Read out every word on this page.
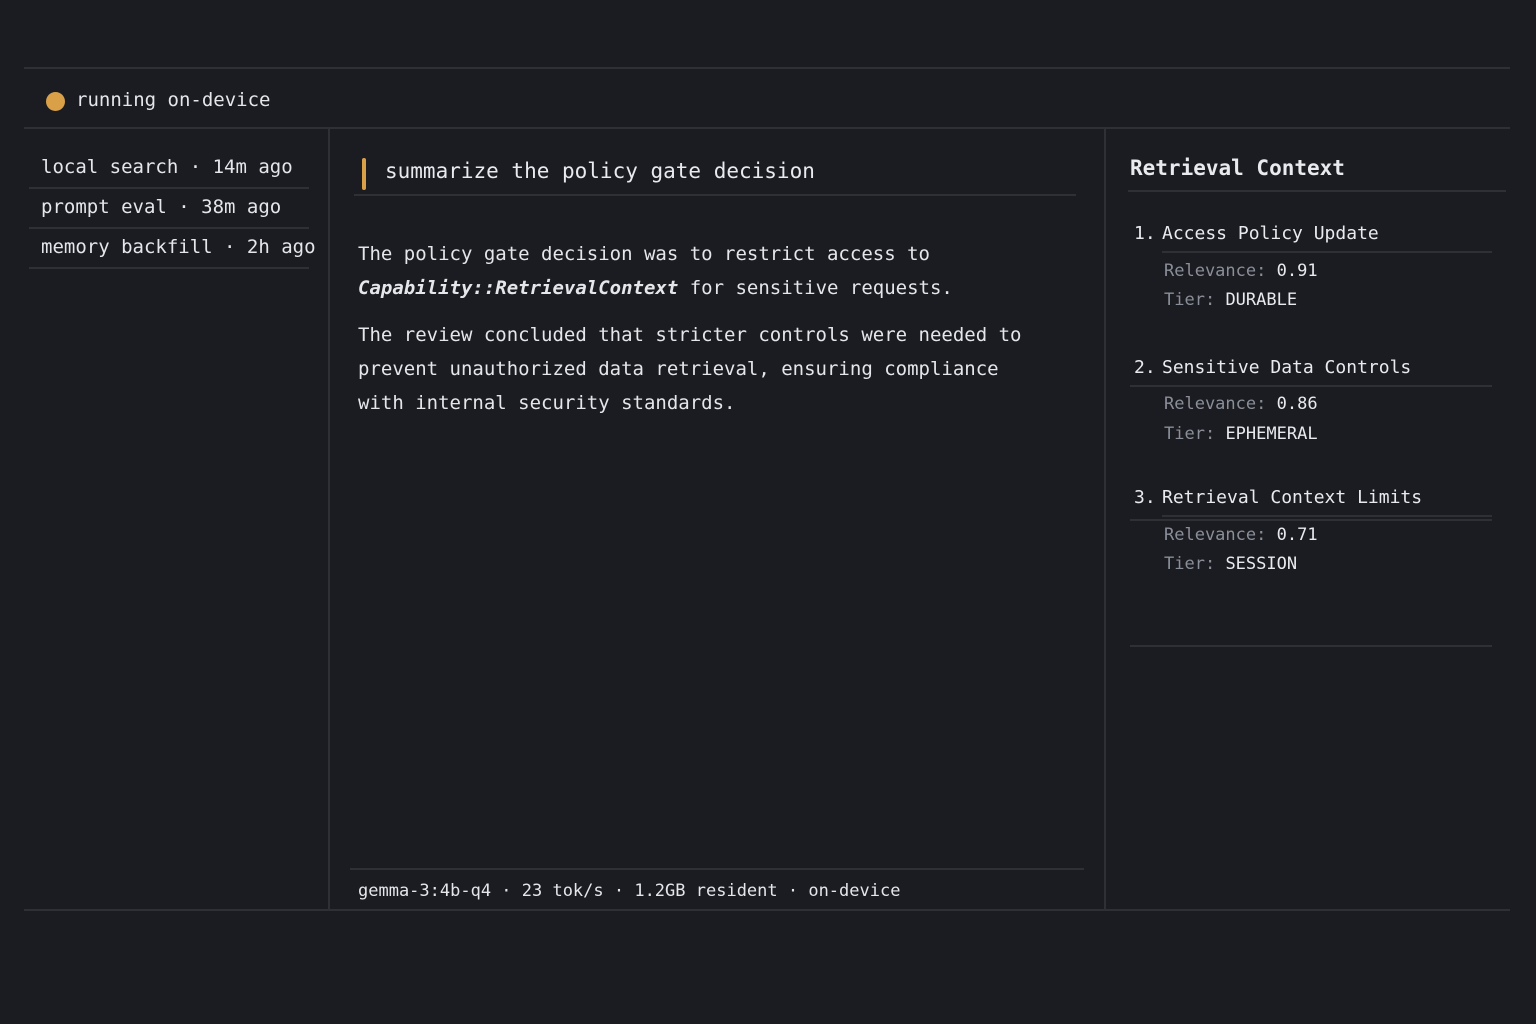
running on-device
local search · 14m ago
prompt eval · 38m ago
memory backfill · 2h ago
summarize the policy gate decision

The policy gate decision was to restrict access to
Capability::RetrievalContext for sensitive requests.

The review concluded that stricter controls were needed to prevent unauthorized data retrieval, ensuring compliance with internal security standards.

gemma-3:4b-q4 · 23 tok/s · 1.2GB resident · on-device
Retrieval Context
1. Access Policy Update
Relevance: 0.91
Tier: DURABLE
2. Sensitive Data Controls
Relevance: 0.86
Tier: EPHEMERAL
3. Retrieval Context Limits
Relevance: 0.71
Tier: SESSION
